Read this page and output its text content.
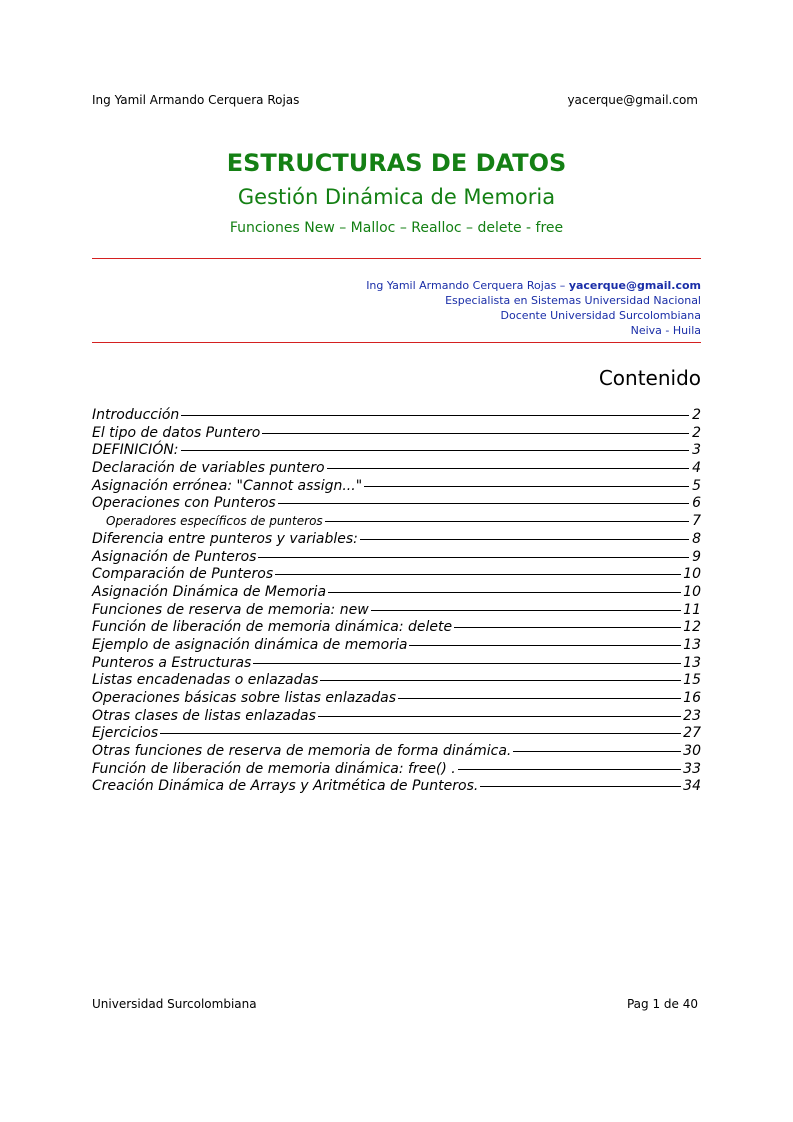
Ing Yamil Armando Cerquera Rojas	yacerque@gmail.com
ESTRUCTURAS DE DATOS
Gestión Dinámica de Memoria
Funciones New – Malloc – Realloc – delete - free
Ing Yamil Armando Cerquera Rojas – yacerque@gmail.com
Especialista en Sistemas Universidad Nacional
Docente Universidad Surcolombiana
Neiva - Huila
Contenido
Introducción	2
El tipo de datos Puntero	2
DEFINICIÓN:	3
Declaración de variables puntero	4
Asignación errónea: "Cannot assign..."	5
Operaciones con Punteros	6
Operadores específicos de punteros	7
Diferencia entre punteros y variables:	8
Asignación de Punteros	9
Comparación de Punteros	10
Asignación Dinámica de Memoria	10
Funciones de reserva de memoria: new	11
Función de liberación de memoria dinámica: delete	12
Ejemplo de asignación dinámica de memoria	13
Punteros a Estructuras	13
Listas encadenadas o enlazadas	15
Operaciones básicas sobre listas enlazadas	16
Otras clases de listas enlazadas	23
Ejercicios	27
Otras funciones de reserva de memoria de forma dinámica.	30
Función de liberación de memoria dinámica: free() .	33
Creación Dinámica de Arrays y Aritmética de Punteros.	34
Universidad Surcolombiana	Pag 1 de 40
